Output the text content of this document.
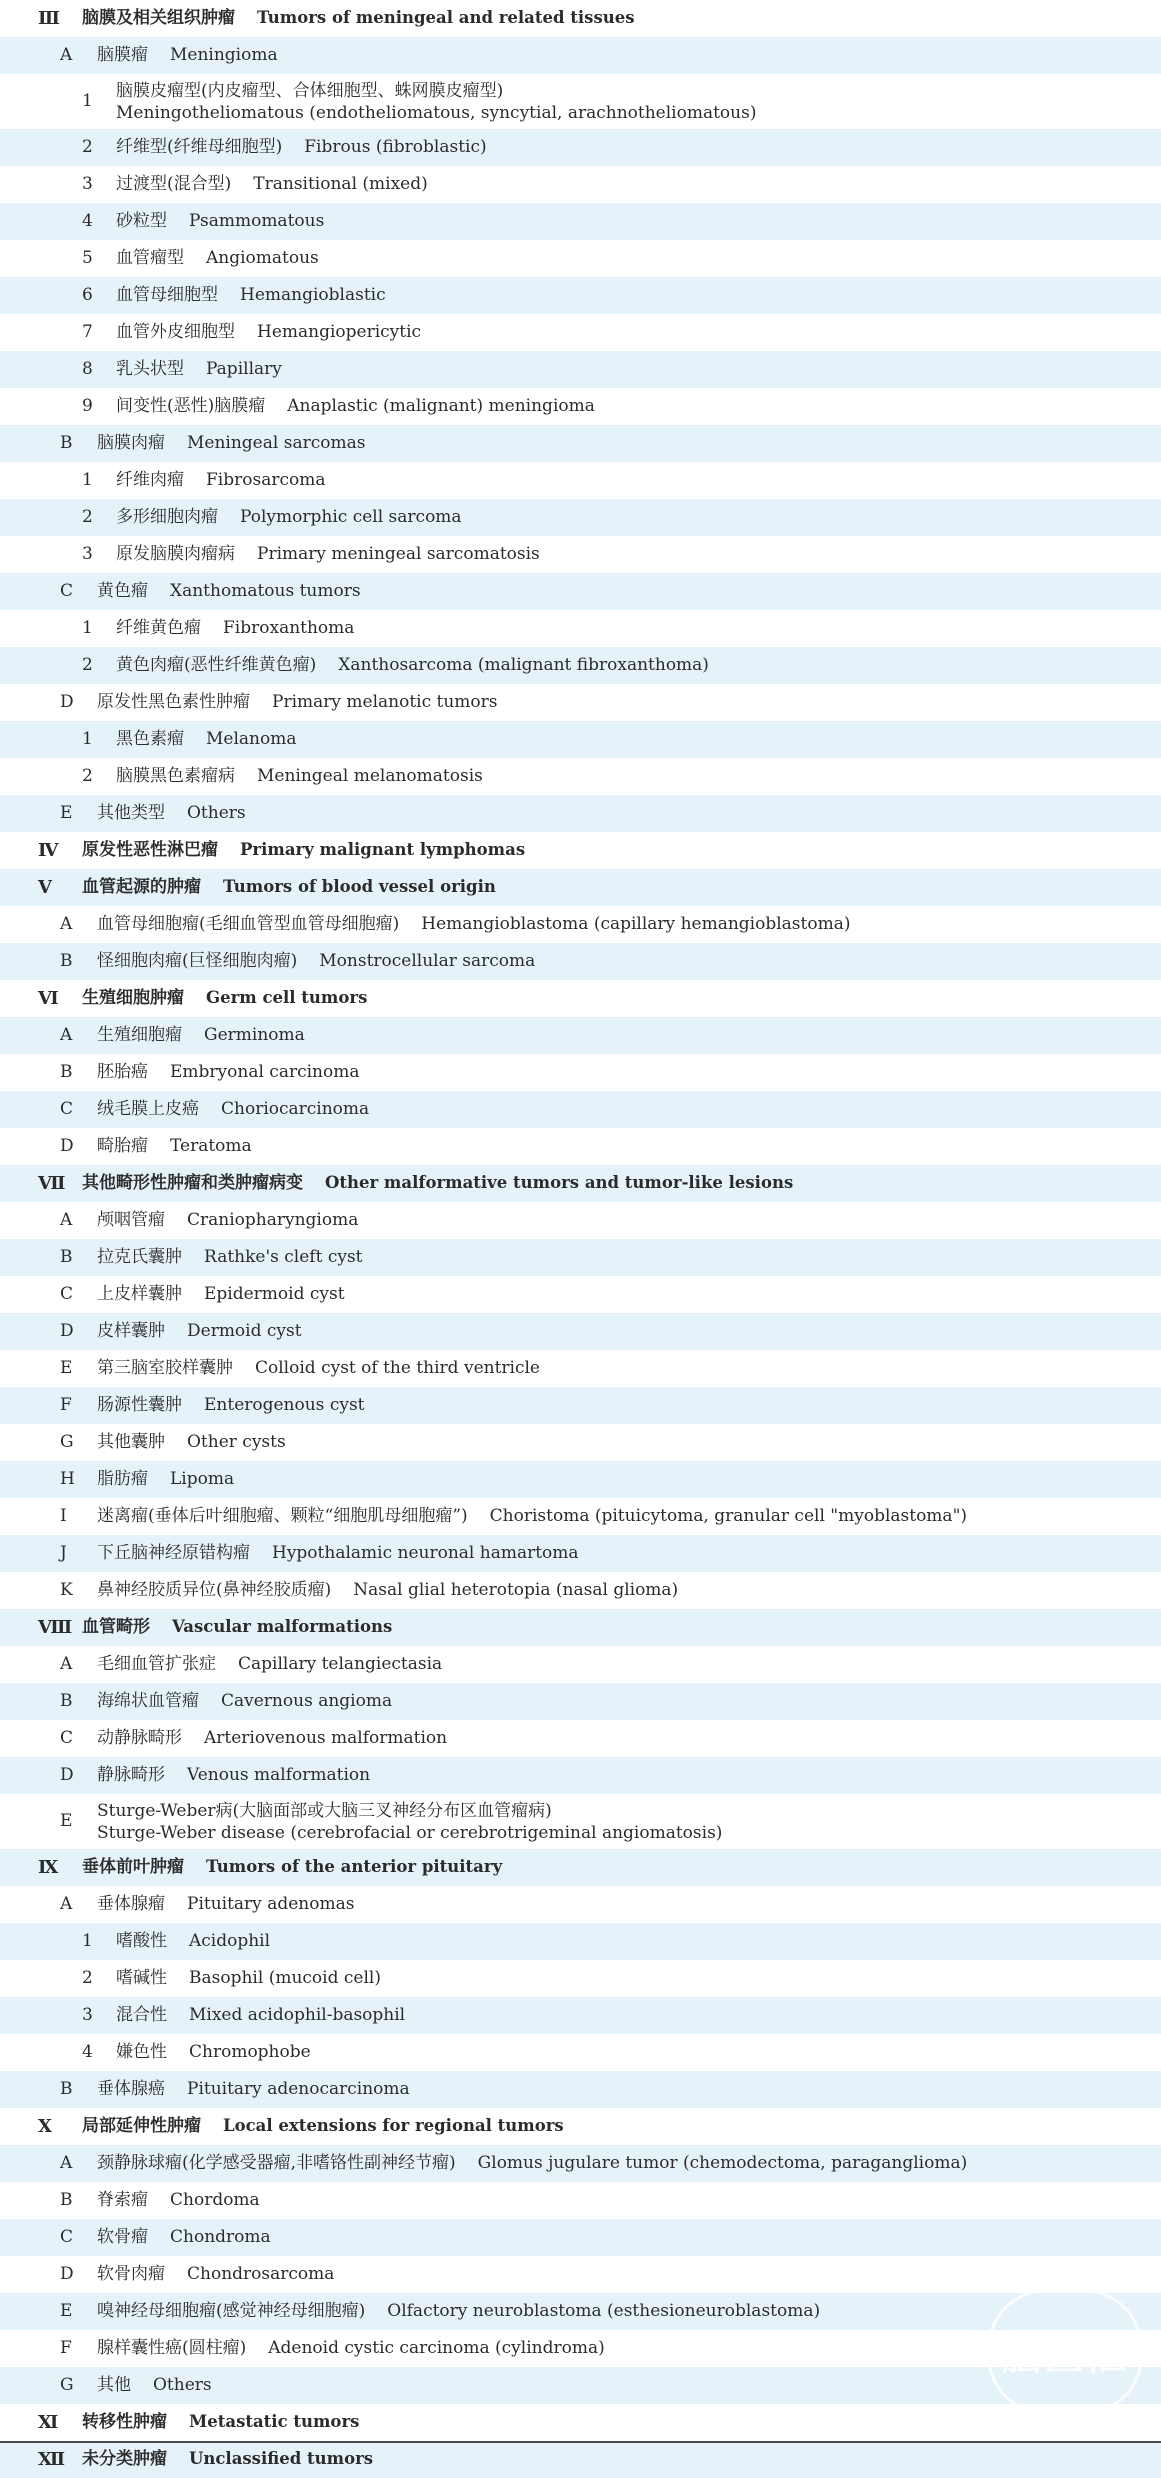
Ⅲ 脑膜及相关组织肿瘤 Tumors of meningeal and related tissues
A 脑膜瘤 Meningioma
1
脑膜皮瘤型(内皮瘤型、合体细胞型、蛛网膜皮瘤型)
Meningotheliomatous (endotheliomatous, syncytial, arachnotheliomatous)
2 纤维型(纤维母细胞型) Fibrous (fibroblastic)
3 过渡型(混合型) Transitional (mixed)
4 砂粒型 Psammomatous
5 血管瘤型 Angiomatous
6 血管母细胞型 Hemangioblastic
7 血管外皮细胞型 Hemangiopericytic
8 乳头状型 Papillary
9 间变性(恶性)脑膜瘤 Anaplastic (malignant) meningioma
B 脑膜肉瘤 Meningeal sarcomas
1 纤维肉瘤 Fibrosarcoma
2 多形细胞肉瘤 Polymorphic cell sarcoma
3 原发脑膜肉瘤病 Primary meningeal sarcomatosis
C 黄色瘤 Xanthomatous tumors
1 纤维黄色瘤 Fibroxanthoma
2 黄色肉瘤(恶性纤维黄色瘤) Xanthosarcoma (malignant fibroxanthoma)
D 原发性黑色素性肿瘤 Primary melanotic tumors
1 黑色素瘤 Melanoma
2 脑膜黑色素瘤病 Meningeal melanomatosis
E 其他类型 Others
Ⅳ 原发性恶性淋巴瘤 Primary malignant lymphomas
Ⅴ 血管起源的肿瘤 Tumors of blood vessel origin
A 血管母细胞瘤(毛细血管型血管母细胞瘤) Hemangioblastoma (capillary hemangioblastoma)
B 怪细胞肉瘤(巨怪细胞肉瘤) Monstrocellular sarcoma
Ⅵ 生殖细胞肿瘤 Germ cell tumors
A 生殖细胞瘤 Germinoma
B 胚胎癌 Embryonal carcinoma
C 绒毛膜上皮癌 Choriocarcinoma
D 畸胎瘤 Teratoma
Ⅶ 其他畸形性肿瘤和类肿瘤病变 Other malformative tumors and tumor-like lesions
A 颅咽管瘤 Craniopharyngioma
B 拉克氏囊肿 Rathke's cleft cyst
C 上皮样囊肿 Epidermoid cyst
D 皮样囊肿 Dermoid cyst
E 第三脑室胶样囊肿 Colloid cyst of the third ventricle
F 肠源性囊肿 Enterogenous cyst
G 其他囊肿 Other cysts
H 脂肪瘤 Lipoma
I 迷离瘤(垂体后叶细胞瘤、颗粒“细胞肌母细胞瘤”) Choristoma (pituicytoma, granular cell "myoblastoma")
J 下丘脑神经原错构瘤 Hypothalamic neuronal hamartoma
K 鼻神经胶质异位(鼻神经胶质瘤) Nasal glial heterotopia (nasal glioma)
Ⅷ 血管畸形 Vascular malformations
A 毛细血管扩张症 Capillary telangiectasia
B 海绵状血管瘤 Cavernous angioma
C 动静脉畸形 Arteriovenous malformation
D 静脉畸形 Venous malformation
E
Sturge-Weber病(大脑面部或大脑三叉神经分布区血管瘤病)
Sturge-Weber disease (cerebrofacial or cerebrotrigeminal angiomatosis)
Ⅸ 垂体前叶肿瘤 Tumors of the anterior pituitary
A 垂体腺瘤 Pituitary adenomas
1 嗜酸性 Acidophil
2 嗜碱性 Basophil (mucoid cell)
3 混合性 Mixed acidophil-basophil
4 嫌色性 Chromophobe
B 垂体腺癌 Pituitary adenocarcinoma
Ⅹ 局部延伸性肿瘤 Local extensions for regional tumors
A 颈静脉球瘤(化学感受器瘤,非嗜铬性副神经节瘤) Glomus jugulare tumor (chemodectoma, paraganglioma)
B 脊索瘤 Chordoma
C 软骨瘤 Chondroma
D 软骨肉瘤 Chondrosarcoma
E 嗅神经母细胞瘤(感觉神经母细胞瘤) Olfactory neuroblastoma (esthesioneuroblastoma)
F 腺样囊性癌(圆柱瘤) Adenoid cystic carcinoma (cylindroma)
G 其他 Others
Ⅺ 转移性肿瘤 Metastatic tumors
Ⅻ 未分类肿瘤 Unclassified tumors
脑医汇
